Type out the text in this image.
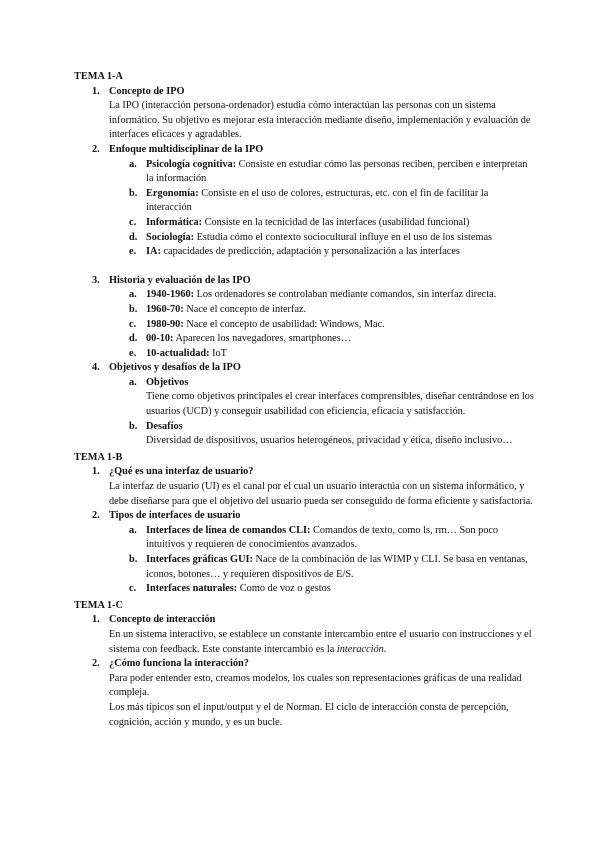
TEMA 1-A
1. Concepto de IPO
La IPO (interacción persona-ordenador) estudia cómo interactúan las personas con un sistema informático. Su objetivo es mejorar esta interacción mediante diseño, implementación y evaluación de interfaces eficaces y agradables.
2. Enfoque multidisciplinar de la IPO
a. Psicología cognitiva: Consiste en estudiar cómo las personas reciben, perciben e interpretan la información
b. Ergonomía: Consiste en el uso de colores, estructuras, etc. con el fin de facilitar la interacción
c. Informática: Consiste en la tecnicidad de las interfaces (usabilidad funcional)
d. Sociología: Estudia cómo el contexto sociocultural influye en el uso de los sistemas
e. IA: capacidades de predicción, adaptación y personalización a las interfaces
3. Historia y evaluación de las IPO
a. 1940-1960: Los ordenadores se controlaban mediante comandos, sin interfaz directa.
b. 1960-70: Nace el concepto de interfaz.
c. 1980-90: Nace el concepto de usabilidad: Windows, Mac.
d. 00-10: Aparecen los navegadores, smartphones…
e. 10-actualidad: IoT
4. Objetivos y desafíos de la IPO
a. Objetivos
Tiene como objetivos principales el crear interfaces comprensibles, diseñar centrándose en los usuarios (UCD) y conseguir usabilidad con eficiencia, eficacia y satisfacción.
b. Desafíos
Diversidad de dispositivos, usuarios heterogéneos, privacidad y ética, diseño inclusivo…
TEMA 1-B
1. ¿Qué es una interfaz de usuario?
La interfaz de usuario (UI) es el canal por el cual un usuario interactúa con un sistema informático, y debe diseñarse para que el objetivo del usuario pueda ser conseguido de forma eficiente y satisfactoria.
2. Tipos de interfaces de usuario
a. Interfaces de línea de comandos CLI: Comandos de texto, como ls, rm… Son poco intuitivos y requieren de conocimientos avanzados.
b. Interfaces gráficas GUI: Nace de la combinación de las WIMP y CLI. Se basa en ventanas, iconos, botones… y requieren dispositivos de E/S.
c. Interfaces naturales: Como de voz o gestos
TEMA 1-C
1. Concepto de interacción
En un sistema interactivo, se establece un constante intercambio entre el usuario con instrucciones y el sistema con feedback. Este constante intercambio es la interacción.
2. ¿Cómo funciona la interacción?
Para poder entender esto, creamos modelos, los cuales son representaciones gráficas de una realidad compleja.
Los más típicos son el input/output y el de Norman. El ciclo de interacción consta de percepción, cognición, acción y mundo, y es un bucle.
